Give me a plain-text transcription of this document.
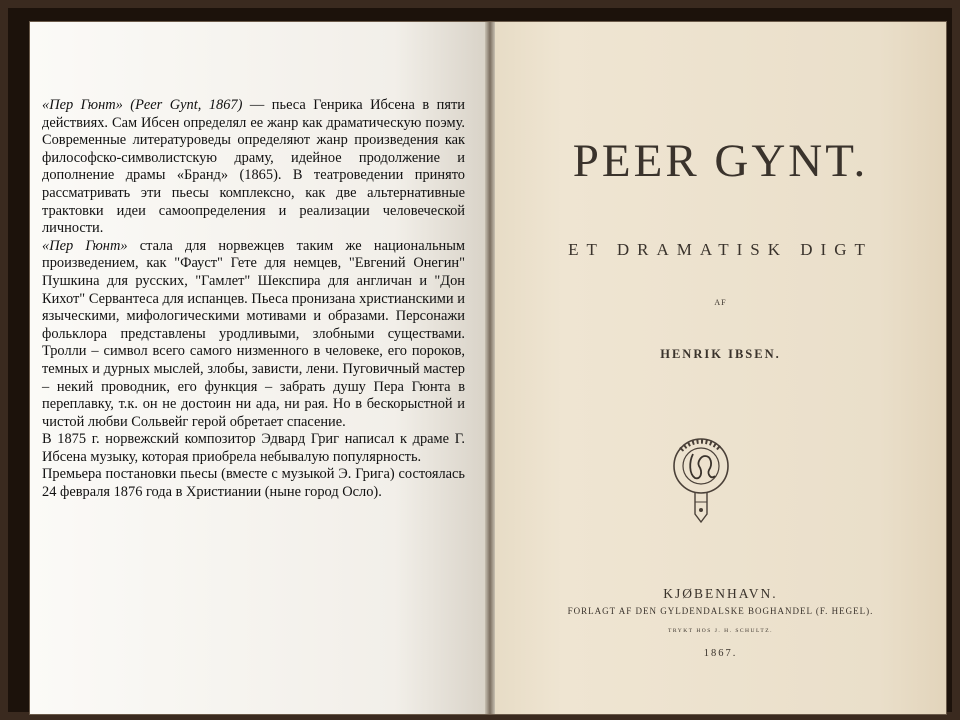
«Пер Гюнт» (Peer Gynt, 1867) — пьеса Генрика Ибсена в пяти действиях. Сам Ибсен определял ее жанр как драматическую поэму. Современные литературоведы определяют жанр произведения как философско-символистскую драму, идейное продолжение и дополнение драмы «Бранд» (1865). В театроведении принято рассматривать эти пьесы комплексно, как две альтернативные трактовки идеи самоопределения и реализации человеческой личности.

«Пер Гюнт» стала для норвежцев таким же национальным произведением, как "Фауст" Гете для немцев, "Евгений Онегин" Пушкина для русских, "Гамлет" Шекспира для англичан и "Дон Кихот" Сервантеса для испанцев. Пьеса пронизана христианскими и языческими, мифологическими мотивами и образами. Персонажи фольклора представлены уродливыми, злобными существами. Тролли – символ всего самого низменного в человеке, его пороков, темных и дурных мыслей, злобы, зависти, лени. Пуговичный мастер – некий проводник, его функция – забрать душу Пера Гюнта в переплавку, т.к. он не достоин ни ада, ни рая. Но в бескорыстной и чистой любви Сольвейг герой обретает спасение.

В 1875 г. норвежский композитор Эдвард Григ написал к драме Г. Ибсена музыку, которая приобрела небывалую популярность.

Премьера постановки пьесы (вместе с музыкой Э. Грига) состоялась 24 февраля 1876 года в Христиании (ныне город Осло).

PEER GYNT.
ET DRAMATISK DIGT
AF
HENRIK IBSEN.
KJØBENHAVN.
FORLAGT AF DEN GYLDENDALSKE BOGHANDEL (F. HEGEL).
TRYKT HOS J. H. SCHULTZ.
1867.
